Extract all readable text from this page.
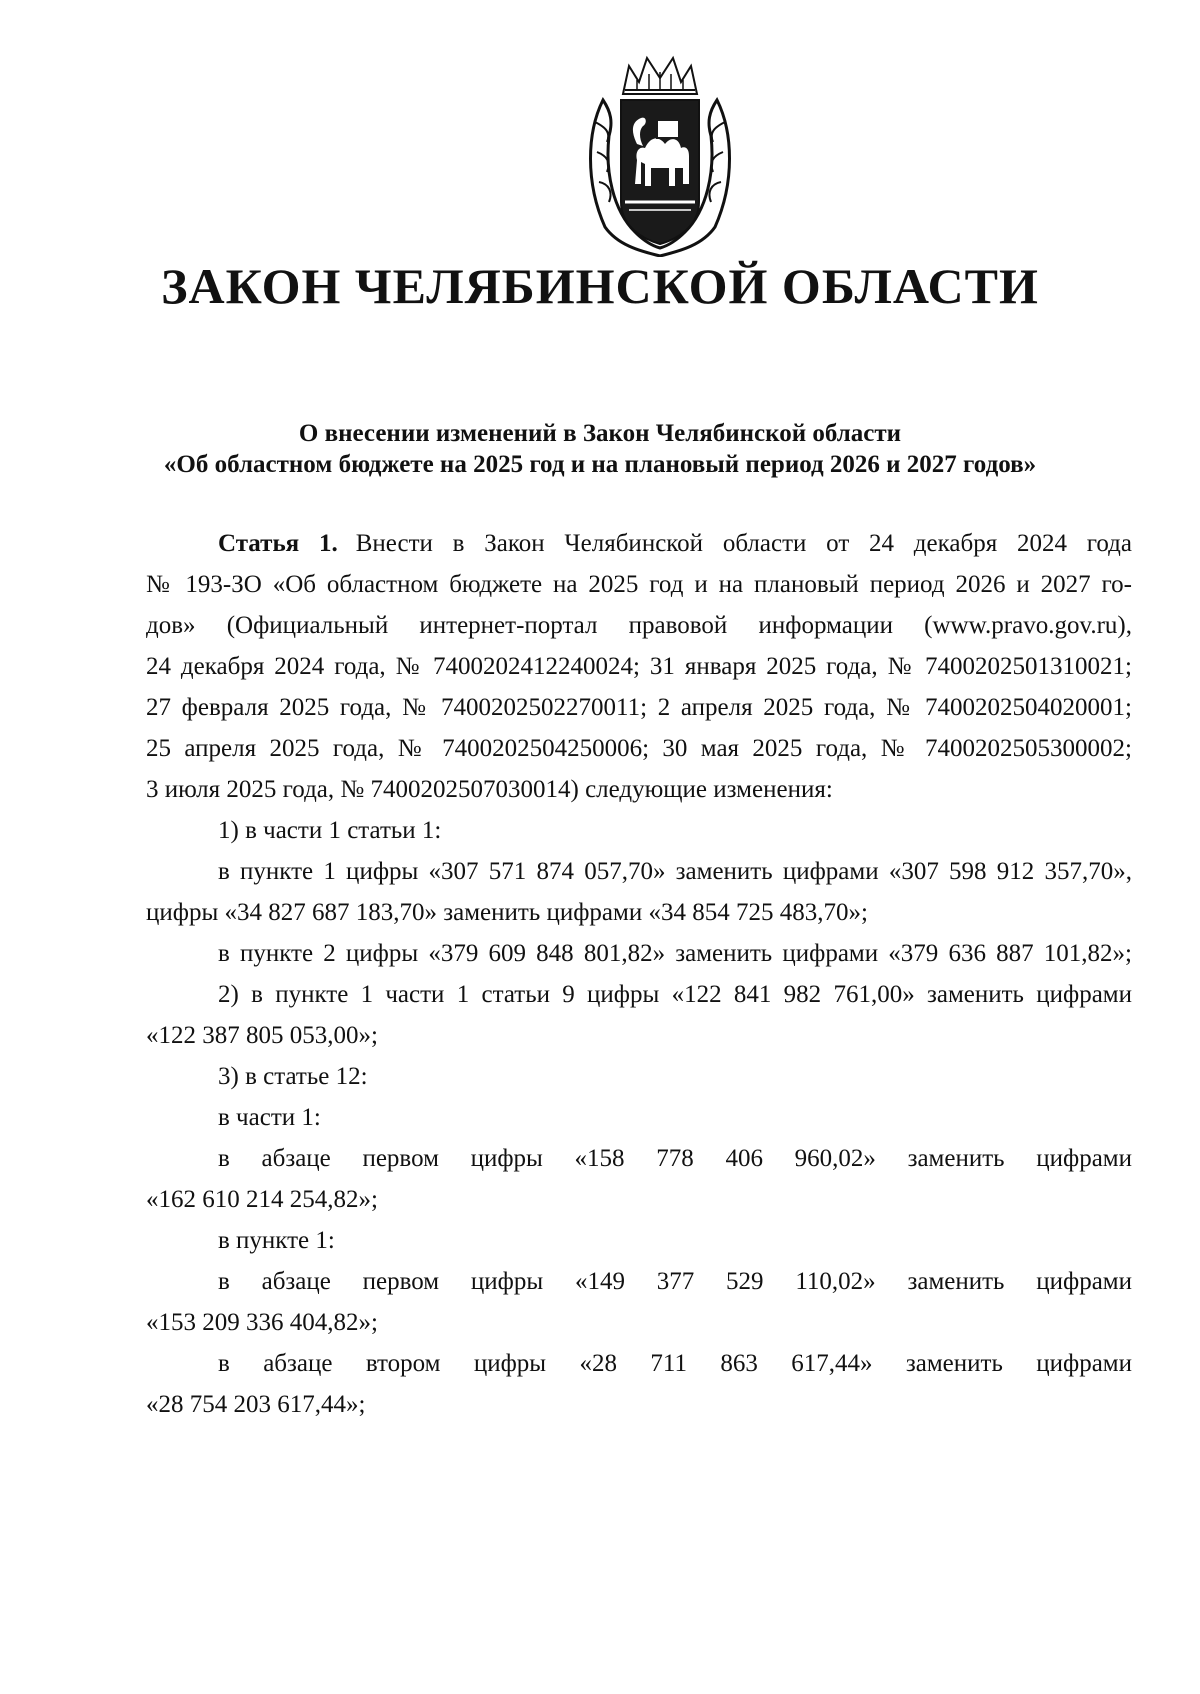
ЗАКОН ЧЕЛЯБИНСКОЙ ОБЛАСТИ
О внесении изменений в Закон Челябинской области
«Об областном бюджете на 2025 год и на плановый период 2026 и 2027 годов»
Статья 1. Внести в Закон Челябинской области от 24 декабря 2024 года
№ 193-ЗО «Об областном бюджете на 2025 год и на плановый период 2026 и 2027 го-
дов» (Официальный интернет-портал правовой информации (www.pravo.gov.ru),
24 декабря 2024 года, № 7400202412240024; 31 января 2025 года, № 7400202501310021;
27 февраля 2025 года, № 7400202502270011; 2 апреля 2025 года, № 7400202504020001;
25 апреля 2025 года, № 7400202504250006; 30 мая 2025 года, № 7400202505300002;
3 июля 2025 года, № 7400202507030014) следующие изменения:
1) в части 1 статьи 1:
в пункте 1 цифры «307 571 874 057,70» заменить цифрами «307 598 912 357,70»,
цифры «34 827 687 183,70» заменить цифрами «34 854 725 483,70»;
в пункте 2 цифры «379 609 848 801,82» заменить цифрами «379 636 887 101,82»;
2) в пункте 1 части 1 статьи 9 цифры «122 841 982 761,00» заменить цифрами
«122 387 805 053,00»;
3) в статье 12:
в части 1:
в абзаце первом цифры «158 778 406 960,02» заменить цифрами
«162 610 214 254,82»;
в пункте 1:
в абзаце первом цифры «149 377 529 110,02» заменить цифрами
«153 209 336 404,82»;
в абзаце втором цифры «28 711 863 617,44» заменить цифрами
«28 754 203 617,44»;
